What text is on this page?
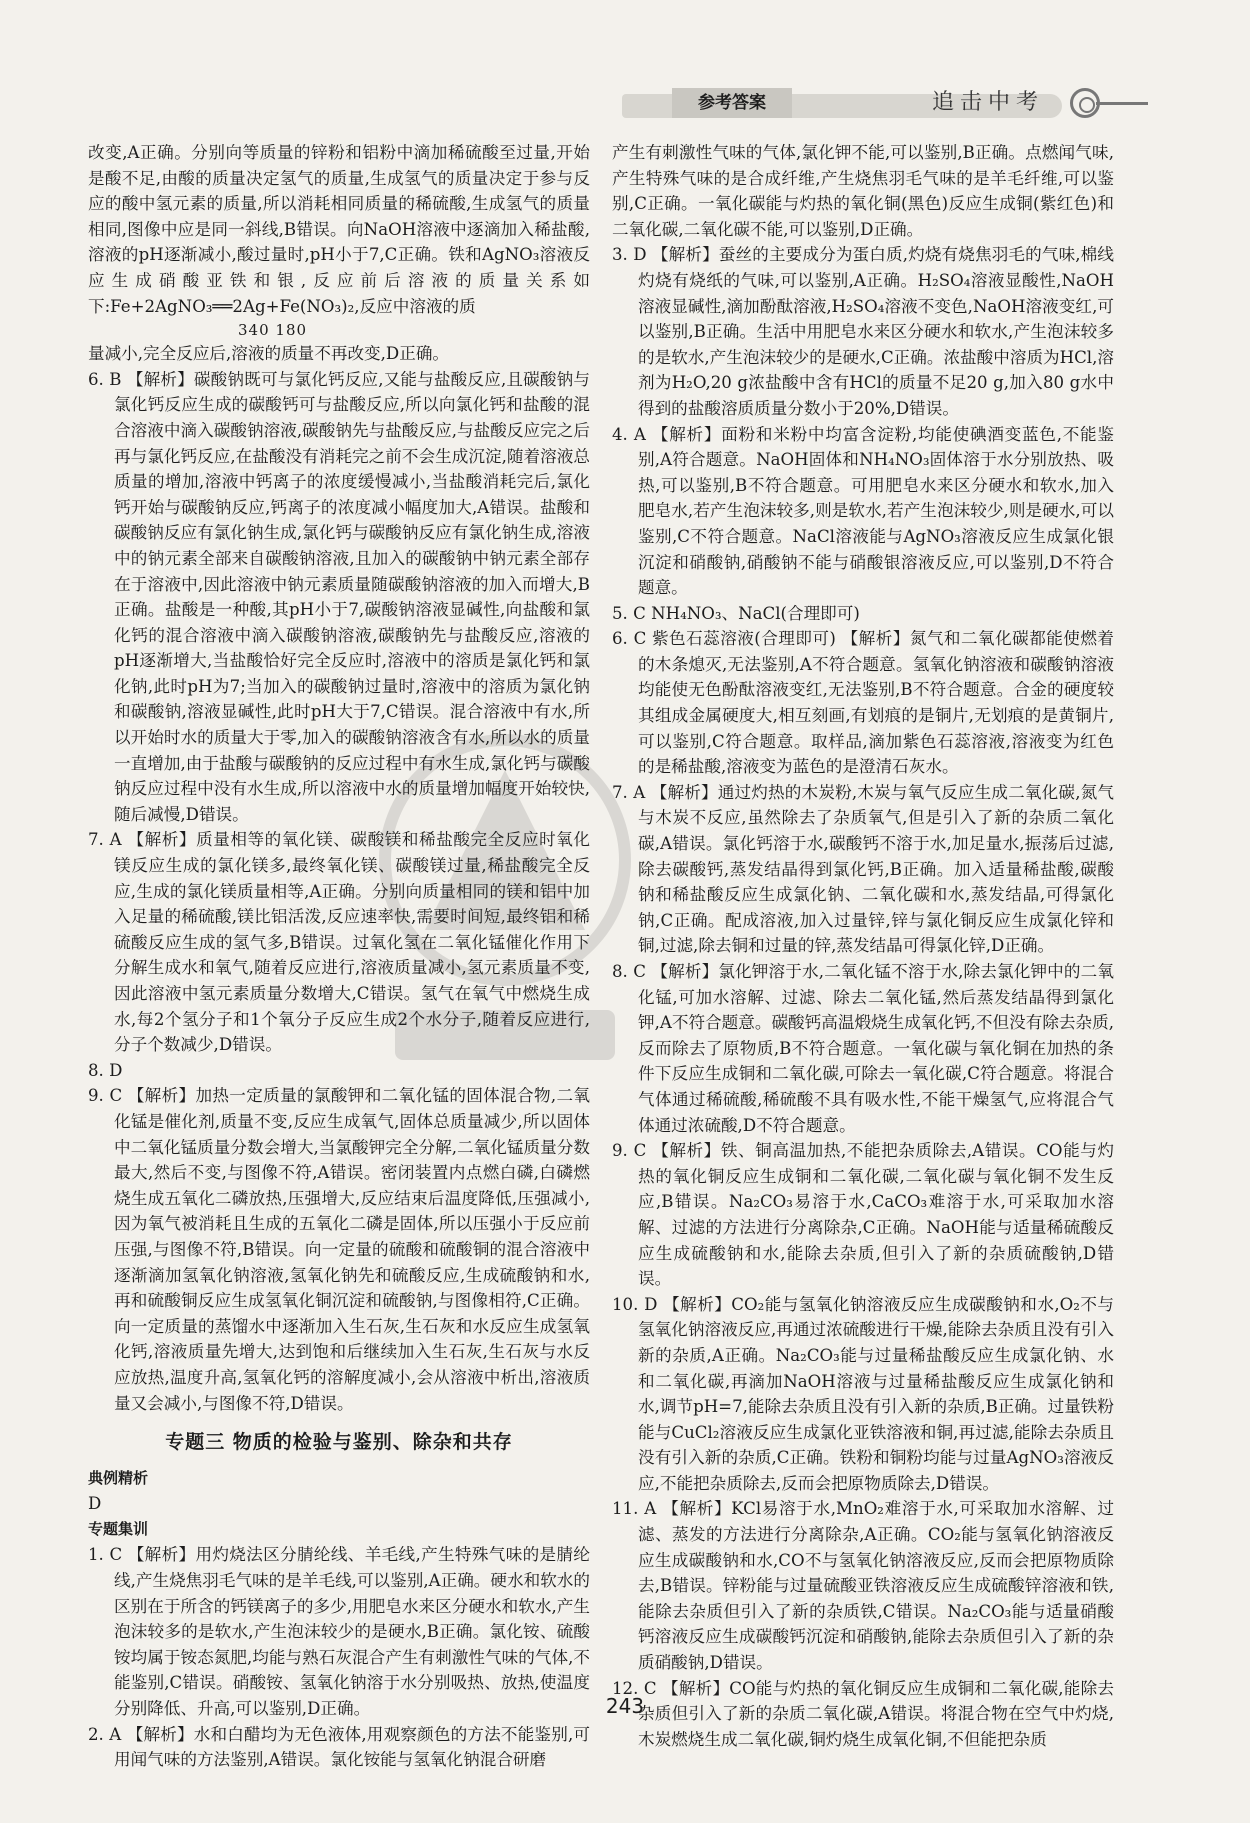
参考答案	追击中考

改变,A正确。分别向等质量的锌粉和铝粉中滴加稀硫酸至过量,开始是酸不足,由酸的质量决定氢气的质量,生成氢气的质量决定于参与反应的酸中氢元素的质量,所以消耗相同质量的稀硫酸,生成氢气的质量相同,图像中应是同一斜线,B错误。向NaOH溶液中逐滴加入稀盐酸,溶液的pH逐渐减小,酸过量时,pH小于7,C正确。铁和AgNO₃溶液反应生成硝酸亚铁和银,反应前后溶液的质量关系如下:Fe+2AgNO₃══2Ag+Fe(NO₃)₂,反应中溶液的质

340 180

量减小,完全反应后,溶液的质量不再改变,D正确。

6. B 【解析】碳酸钠既可与氯化钙反应,又能与盐酸反应,且碳酸钠与氯化钙反应生成的碳酸钙可与盐酸反应,所以向氯化钙和盐酸的混合溶液中滴入碳酸钠溶液,碳酸钠先与盐酸反应,与盐酸反应完之后再与氯化钙反应,在盐酸没有消耗完之前不会生成沉淀,随着溶液总质量的增加,溶液中钙离子的浓度缓慢减小,当盐酸消耗完后,氯化钙开始与碳酸钠反应,钙离子的浓度减小幅度加大,A错误。盐酸和碳酸钠反应有氯化钠生成,氯化钙与碳酸钠反应有氯化钠生成,溶液中的钠元素全部来自碳酸钠溶液,且加入的碳酸钠中钠元素全部存在于溶液中,因此溶液中钠元素质量随碳酸钠溶液的加入而增大,B正确。盐酸是一种酸,其pH小于7,碳酸钠溶液显碱性,向盐酸和氯化钙的混合溶液中滴入碳酸钠溶液,碳酸钠先与盐酸反应,溶液的pH逐渐增大,当盐酸恰好完全反应时,溶液中的溶质是氯化钙和氯化钠,此时pH为7;当加入的碳酸钠过量时,溶液中的溶质为氯化钠和碳酸钠,溶液显碱性,此时pH大于7,C错误。混合溶液中有水,所以开始时水的质量大于零,加入的碳酸钠溶液含有水,所以水的质量一直增加,由于盐酸与碳酸钠的反应过程中有水生成,氯化钙与碳酸钠反应过程中没有水生成,所以溶液中水的质量增加幅度开始较快,随后减慢,D错误。

7. A 【解析】质量相等的氧化镁、碳酸镁和稀盐酸完全反应时氧化镁反应生成的氯化镁多,最终氧化镁、碳酸镁过量,稀盐酸完全反应,生成的氯化镁质量相等,A正确。分别向质量相同的镁和铝中加入足量的稀硫酸,镁比铝活泼,反应速率快,需要时间短,最终铝和稀硫酸反应生成的氢气多,B错误。过氧化氢在二氧化锰催化作用下分解生成水和氧气,随着反应进行,溶液质量减小,氢元素质量不变,因此溶液中氢元素质量分数增大,C错误。氢气在氧气中燃烧生成水,每2个氢分子和1个氧分子反应生成2个水分子,随着反应进行,分子个数减少,D错误。

8. D

9. C 【解析】加热一定质量的氯酸钾和二氧化锰的固体混合物,二氧化锰是催化剂,质量不变,反应生成氧气,固体总质量减少,所以固体中二氧化锰质量分数会增大,当氯酸钾完全分解,二氧化锰质量分数最大,然后不变,与图像不符,A错误。密闭装置内点燃白磷,白磷燃烧生成五氧化二磷放热,压强增大,反应结束后温度降低,压强减小,因为氧气被消耗且生成的五氧化二磷是固体,所以压强小于反应前压强,与图像不符,B错误。向一定量的硫酸和硫酸铜的混合溶液中逐渐滴加氢氧化钠溶液,氢氧化钠先和硫酸反应,生成硫酸钠和水,再和硫酸铜反应生成氢氧化铜沉淀和硫酸钠,与图像相符,C正确。向一定质量的蒸馏水中逐渐加入生石灰,生石灰和水反应生成氢氧化钙,溶液质量先增大,达到饱和后继续加入生石灰,生石灰与水反应放热,温度升高,氢氧化钙的溶解度减小,会从溶液中析出,溶液质量又会减小,与图像不符,D错误。

专题三 物质的检验与鉴别、除杂和共存

典例精析

D

专题集训

1. C 【解析】用灼烧法区分腈纶线、羊毛线,产生特殊气味的是腈纶线,产生烧焦羽毛气味的是羊毛线,可以鉴别,A正确。硬水和软水的区别在于所含的钙镁离子的多少,用肥皂水来区分硬水和软水,产生泡沫较多的是软水,产生泡沫较少的是硬水,B正确。氯化铵、硫酸铵均属于铵态氮肥,均能与熟石灰混合产生有刺激性气味的气体,不能鉴别,C错误。硝酸铵、氢氧化钠溶于水分别吸热、放热,使温度分别降低、升高,可以鉴别,D正确。

2. A 【解析】水和白醋均为无色液体,用观察颜色的方法不能鉴别,可用闻气味的方法鉴别,A错误。氯化铵能与氢氧化钠混合研磨

产生有刺激性气味的气体,氯化钾不能,可以鉴别,B正确。点燃闻气味,产生特殊气味的是合成纤维,产生烧焦羽毛气味的是羊毛纤维,可以鉴别,C正确。一氧化碳能与灼热的氧化铜(黑色)反应生成铜(紫红色)和二氧化碳,二氧化碳不能,可以鉴别,D正确。

3. D 【解析】蚕丝的主要成分为蛋白质,灼烧有烧焦羽毛的气味,棉线灼烧有烧纸的气味,可以鉴别,A正确。H₂SO₄溶液显酸性,NaOH溶液显碱性,滴加酚酞溶液,H₂SO₄溶液不变色,NaOH溶液变红,可以鉴别,B正确。生活中用肥皂水来区分硬水和软水,产生泡沫较多的是软水,产生泡沫较少的是硬水,C正确。浓盐酸中溶质为HCl,溶剂为H₂O,20 g浓盐酸中含有HCl的质量不足20 g,加入80 g水中得到的盐酸溶质质量分数小于20%,D错误。

4. A 【解析】面粉和米粉中均富含淀粉,均能使碘酒变蓝色,不能鉴别,A符合题意。NaOH固体和NH₄NO₃固体溶于水分别放热、吸热,可以鉴别,B不符合题意。可用肥皂水来区分硬水和软水,加入肥皂水,若产生泡沫较多,则是软水,若产生泡沫较少,则是硬水,可以鉴别,C不符合题意。NaCl溶液能与AgNO₃溶液反应生成氯化银沉淀和硝酸钠,硝酸钠不能与硝酸银溶液反应,可以鉴别,D不符合题意。

5. C NH₄NO₃、NaCl(合理即可)

6. C 紫色石蕊溶液(合理即可) 【解析】氮气和二氧化碳都能使燃着的木条熄灭,无法鉴别,A不符合题意。氢氧化钠溶液和碳酸钠溶液均能使无色酚酞溶液变红,无法鉴别,B不符合题意。合金的硬度较其组成金属硬度大,相互刻画,有划痕的是铜片,无划痕的是黄铜片,可以鉴别,C符合题意。取样品,滴加紫色石蕊溶液,溶液变为红色的是稀盐酸,溶液变为蓝色的是澄清石灰水。

7. A 【解析】通过灼热的木炭粉,木炭与氧气反应生成二氧化碳,氮气与木炭不反应,虽然除去了杂质氧气,但是引入了新的杂质二氧化碳,A错误。氯化钙溶于水,碳酸钙不溶于水,加足量水,振荡后过滤,除去碳酸钙,蒸发结晶得到氯化钙,B正确。加入适量稀盐酸,碳酸钠和稀盐酸反应生成氯化钠、二氧化碳和水,蒸发结晶,可得氯化钠,C正确。配成溶液,加入过量锌,锌与氯化铜反应生成氯化锌和铜,过滤,除去铜和过量的锌,蒸发结晶可得氯化锌,D正确。

8. C 【解析】氯化钾溶于水,二氧化锰不溶于水,除去氯化钾中的二氧化锰,可加水溶解、过滤、除去二氧化锰,然后蒸发结晶得到氯化钾,A不符合题意。碳酸钙高温煅烧生成氧化钙,不但没有除去杂质,反而除去了原物质,B不符合题意。一氧化碳与氧化铜在加热的条件下反应生成铜和二氧化碳,可除去一氧化碳,C符合题意。将混合气体通过稀硫酸,稀硫酸不具有吸水性,不能干燥氢气,应将混合气体通过浓硫酸,D不符合题意。

9. C 【解析】铁、铜高温加热,不能把杂质除去,A错误。CO能与灼热的氧化铜反应生成铜和二氧化碳,二氧化碳与氧化铜不发生反应,B错误。Na₂CO₃易溶于水,CaCO₃难溶于水,可采取加水溶解、过滤的方法进行分离除杂,C正确。NaOH能与适量稀硫酸反应生成硫酸钠和水,能除去杂质,但引入了新的杂质硫酸钠,D错误。

10. D 【解析】CO₂能与氢氧化钠溶液反应生成碳酸钠和水,O₂不与氢氧化钠溶液反应,再通过浓硫酸进行干燥,能除去杂质且没有引入新的杂质,A正确。Na₂CO₃能与过量稀盐酸反应生成氯化钠、水和二氧化碳,再滴加NaOH溶液与过量稀盐酸反应生成氯化钠和水,调节pH=7,能除去杂质且没有引入新的杂质,B正确。过量铁粉能与CuCl₂溶液反应生成氯化亚铁溶液和铜,再过滤,能除去杂质且没有引入新的杂质,C正确。铁粉和铜粉均能与过量AgNO₃溶液反应,不能把杂质除去,反而会把原物质除去,D错误。

11. A 【解析】KCl易溶于水,MnO₂难溶于水,可采取加水溶解、过滤、蒸发的方法进行分离除杂,A正确。CO₂能与氢氧化钠溶液反应生成碳酸钠和水,CO不与氢氧化钠溶液反应,反而会把原物质除去,B错误。锌粉能与过量硫酸亚铁溶液反应生成硫酸锌溶液和铁,能除去杂质但引入了新的杂质铁,C错误。Na₂CO₃能与适量硝酸钙溶液反应生成碳酸钙沉淀和硝酸钠,能除去杂质但引入了新的杂质硝酸钠,D错误。

12. C 【解析】CO能与灼热的氧化铜反应生成铜和二氧化碳,能除去杂质但引入了新的杂质二氧化碳,A错误。将混合物在空气中灼烧,木炭燃烧生成二氧化碳,铜灼烧生成氧化铜,不但能把杂质

243
